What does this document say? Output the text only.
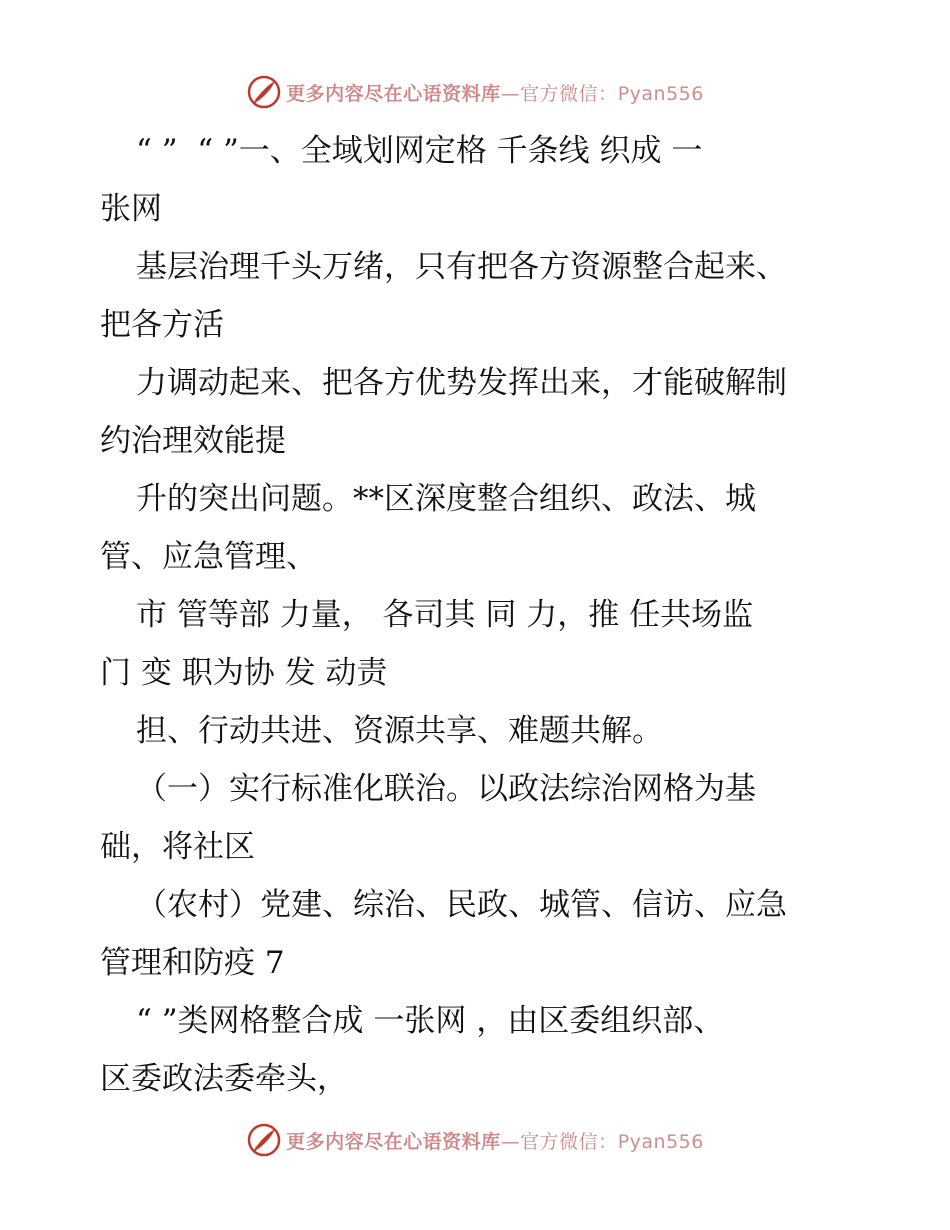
更多内容尽在心语资料库—官方微信：Pyan556
“ ”  “ ”一、全域划网定格 千条线 织成 一
张网
基层治理千头万绪，只有把各方资源整合起来、
把各方活
力调动起来、把各方优势发挥出来，才能破解制
约治理效能提
升的突出问题。**区深度整合组织、政法、城
管、应急管理、
市 管等部 力量， 各司其 同 力，推 任共场监
门 变 职为协 发 动责
担、行动共进、资源共享、难题共解。
（一）实行标准化联治。以政法综治网格为基
础，将社区
（农村）党建、综治、民政、城管、信访、应急
管理和防疫 7
“ ”类网格整合成 一张网 ，由区委组织部、
区委政法委牵头，
更多内容尽在心语资料库—官方微信：Pyan556
